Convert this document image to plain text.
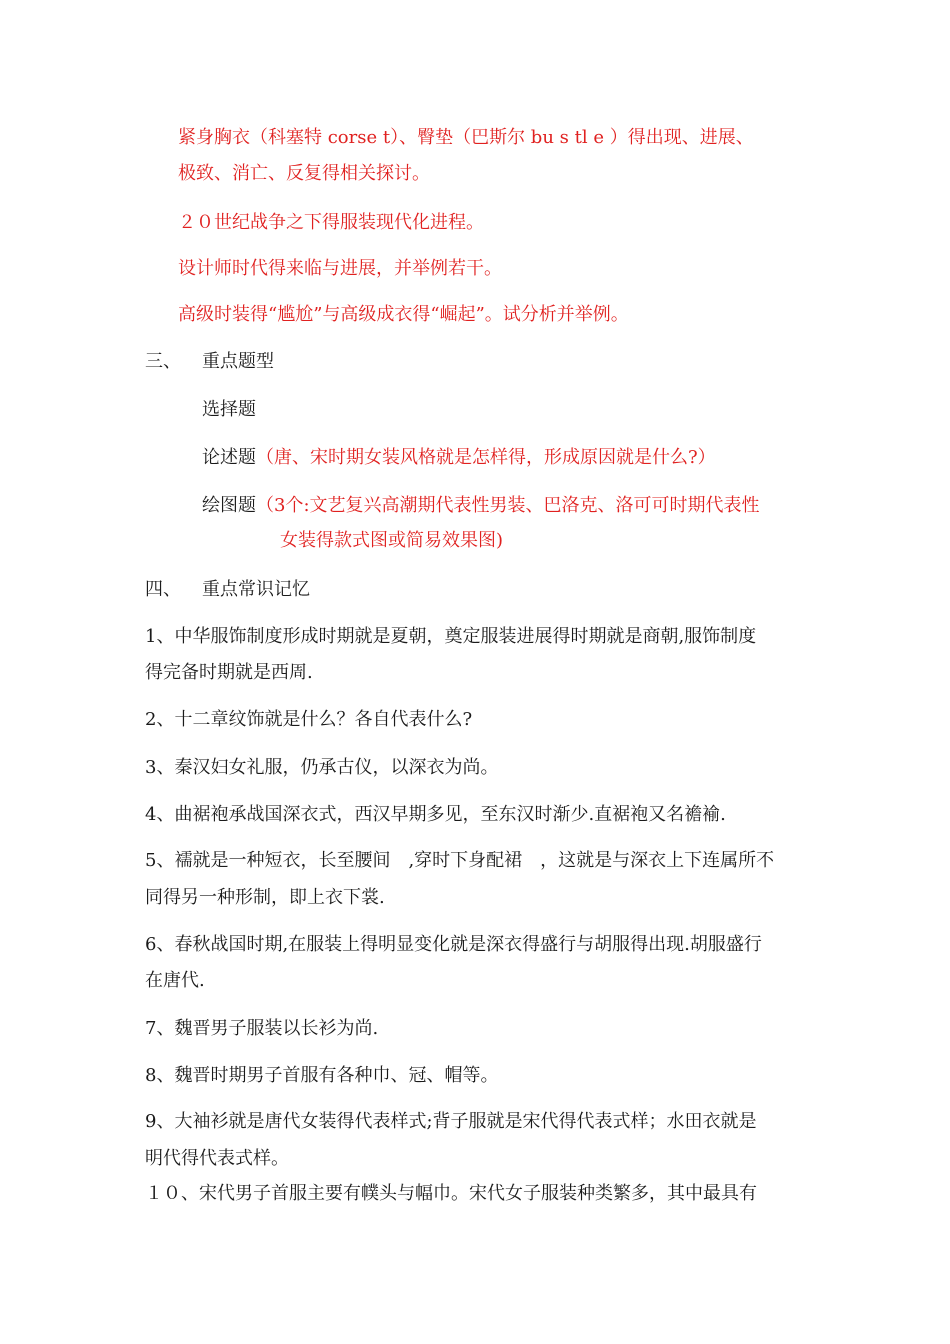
紧身胸衣（科塞特 corse t）、臀垫（巴斯尔 bu s tl e ）得出现、进展、
极致、消亡、反复得相关探讨。
２０世纪战争之下得服装现代化进程。
设计师时代得来临与进展，并举例若干。
高级时装得“尴尬”与高级成衣得“崛起”。试分析并举例。
三、 重点题型
选择题
论述题（唐、宋时期女装风格就是怎样得，形成原因就是什么?）
绘图题（3个:文艺复兴高潮期代表性男装、巴洛克、洛可可时期代表性
女装得款式图或简易效果图)
四、 重点常识记忆
1、中华服饰制度形成时期就是夏朝，奠定服装进展得时期就是商朝,服饰制度
得完备时期就是西周.
2、十二章纹饰就是什么？各自代表什么?
3、秦汉妇女礼服，仍承古仪，以深衣为尚。
4、曲裾袍承战国深衣式，西汉早期多见，至东汉时渐少.直裾袍又名襜褕.
5、襦就是一种短衣，长至腰间　,穿时下身配裙　，这就是与深衣上下连属所不
同得另一种形制，即上衣下裳.
6、春秋战国时期,在服装上得明显变化就是深衣得盛行与胡服得出现.胡服盛行
在唐代.
7、魏晋男子服装以长衫为尚.
8、魏晋时期男子首服有各种巾、冠、帽等。
9、大袖衫就是唐代女装得代表样式;背子服就是宋代得代表式样；水田衣就是
明代得代表式样。
１０、宋代男子首服主要有幞头与幅巾。宋代女子服装种类繁多，其中最具有
